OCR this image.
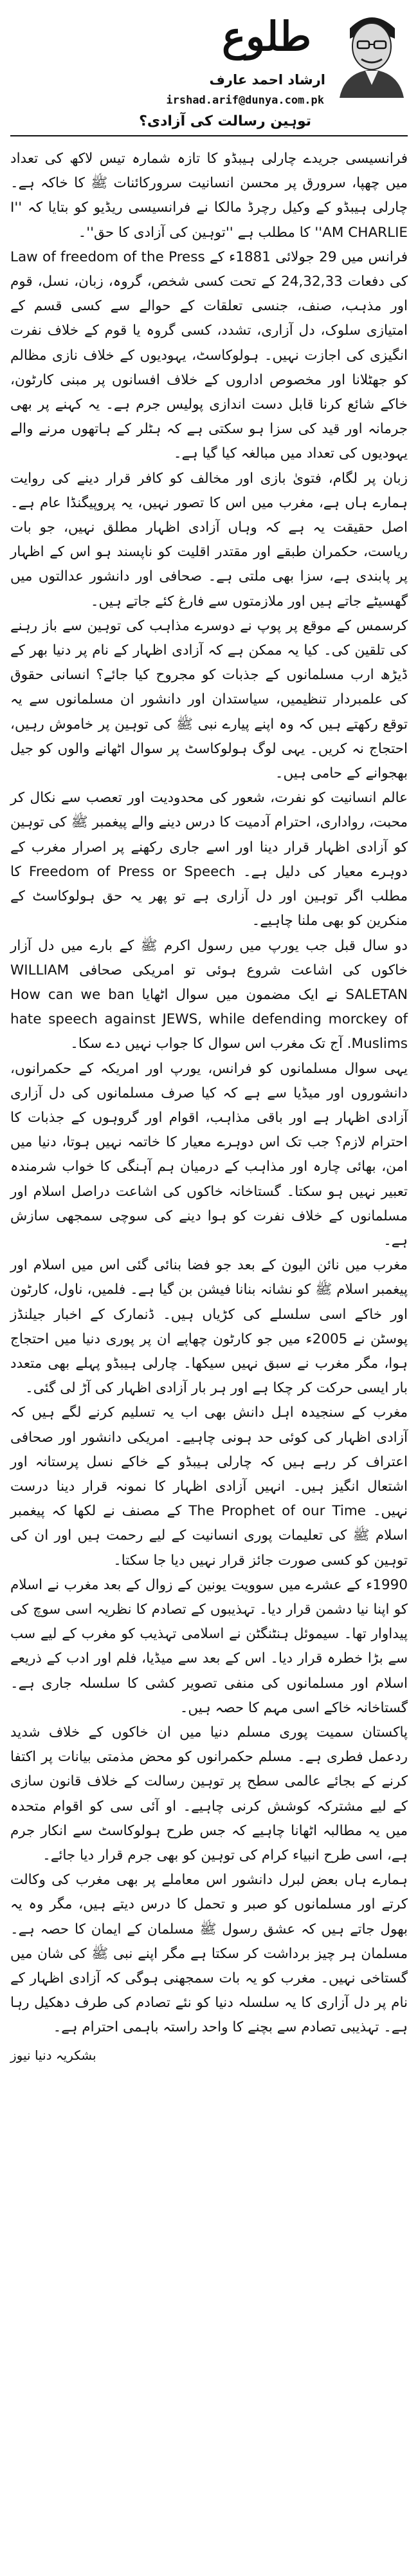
طلوع
ارشاد احمد عارف
irshad.arif@dunya.com.pk
توہین رسالت کی آزادی؟

فرانسیسی جریدے چارلی ہیبڈو کا تازہ شمارہ تیس لاکھ کی تعداد میں چھپا، سرورق پر محسن انسانیت سرورکائنات ﷺ کا خاکہ ہے۔ چارلی ہیبڈو کے وکیل رچرڈ مالکا نے فرانسیسی ریڈیو کو بتایا کہ ''I AM CHARLIE'' کا مطلب ہے ''توہین کی آزادی کا حق''۔

فرانس میں 29 جولائی 1881ء کے Law of freedom of the Press کی دفعات 24,32,33 کے تحت کسی شخص، گروہ، زبان، نسل، قوم اور مذہب، صنف، جنسی تعلقات کے حوالے سے کسی قسم کے امتیازی سلوک، دل آزاری، تشدد، کسی گروہ یا قوم کے خلاف نفرت انگیزی کی اجازت نہیں۔ ہولوکاسٹ، یہودیوں کے خلاف نازی مظالم کو جھٹلانا اور مخصوص اداروں کے خلاف افسانوں پر مبنی کارٹون، خاکے شائع کرنا قابل دست اندازی پولیس جرم ہے۔ یہ کہنے پر بھی جرمانہ اور قید کی سزا ہو سکتی ہے کہ ہٹلر کے ہاتھوں مرنے والے یہودیوں کی تعداد میں مبالغہ کیا گیا ہے۔

زبان پر لگام، فتویٰ بازی اور مخالف کو کافر قرار دینے کی روایت ہمارے ہاں ہے، مغرب میں اس کا تصور نہیں، یہ پروپیگنڈا عام ہے۔ اصل حقیقت یہ ہے کہ وہاں آزادی اظہار مطلق نہیں، جو بات ریاست، حکمران طبقے اور مقتدر اقلیت کو ناپسند ہو اس کے اظہار پر پابندی ہے، سزا بھی ملتی ہے۔ صحافی اور دانشور عدالتوں میں گھسیٹے جاتے ہیں اور ملازمتوں سے فارغ کئے جاتے ہیں۔

کرسمس کے موقع پر پوپ نے دوسرے مذاہب کی توہین سے باز رہنے کی تلقین کی۔ کیا یہ ممکن ہے کہ آزادی اظہار کے نام پر دنیا بھر کے ڈیڑھ ارب مسلمانوں کے جذبات کو مجروح کیا جائے؟ انسانی حقوق کی علمبردار تنظیمیں، سیاستدان اور دانشور ان مسلمانوں سے یہ توقع رکھتے ہیں کہ وہ اپنے پیارے نبی ﷺ کی توہین پر خاموش رہیں، احتجاج نہ کریں۔ یہی لوگ ہولوکاسٹ پر سوال اٹھانے والوں کو جیل بھجوانے کے حامی ہیں۔

عالم انسانیت کو نفرت، شعور کی محدودیت اور تعصب سے نکال کر محبت، رواداری، احترام آدمیت کا درس دینے والے پیغمبر ﷺ کی توہین کو آزادی اظہار قرار دینا اور اسے جاری رکھنے پر اصرار مغرب کے دوہرے معیار کی دلیل ہے۔ Freedom of Press or Speech کا مطلب اگر توہین اور دل آزاری ہے تو پھر یہ حق ہولوکاسٹ کے منکرین کو بھی ملنا چاہیے۔

دو سال قبل جب یورپ میں رسول اکرم ﷺ کے بارے میں دل آزار خاکوں کی اشاعت شروع ہوئی تو امریکی صحافی WILLIAM SALETAN نے ایک مضمون میں سوال اٹھایا How can we ban hate speech against JEWS, while defending morckey of Muslims. آج تک مغرب اس سوال کا جواب نہیں دے سکا۔

یہی سوال مسلمانوں کو فرانس، یورپ اور امریکہ کے حکمرانوں، دانشوروں اور میڈیا سے ہے کہ کیا صرف مسلمانوں کی دل آزاری آزادی اظہار ہے اور باقی مذاہب، اقوام اور گروہوں کے جذبات کا احترام لازم؟ جب تک اس دوہرے معیار کا خاتمہ نہیں ہوتا، دنیا میں امن، بھائی چارہ اور مذاہب کے درمیان ہم آہنگی کا خواب شرمندہ تعبیر نہیں ہو سکتا۔ گستاخانہ خاکوں کی اشاعت دراصل اسلام اور مسلمانوں کے خلاف نفرت کو ہوا دینے کی سوچی سمجھی سازش ہے۔

مغرب میں نائن الیون کے بعد جو فضا بنائی گئی اس میں اسلام اور پیغمبر اسلام ﷺ کو نشانہ بنانا فیشن بن گیا ہے۔ فلمیں، ناول، کارٹون اور خاکے اسی سلسلے کی کڑیاں ہیں۔ ڈنمارک کے اخبار جیلنڈز پوسٹن نے 2005ء میں جو کارٹون چھاپے ان پر پوری دنیا میں احتجاج ہوا، مگر مغرب نے سبق نہیں سیکھا۔ چارلی ہیبڈو پہلے بھی متعدد بار ایسی حرکت کر چکا ہے اور ہر بار آزادی اظہار کی آڑ لی گئی۔

مغرب کے سنجیدہ اہل دانش بھی اب یہ تسلیم کرنے لگے ہیں کہ آزادی اظہار کی کوئی حد ہونی چاہیے۔ امریکی دانشور اور صحافی اعتراف کر رہے ہیں کہ چارلی ہیبڈو کے خاکے نسل پرستانہ اور اشتعال انگیز ہیں۔ انہیں آزادی اظہار کا نمونہ قرار دینا درست نہیں۔ The Prophet of our Time کے مصنف نے لکھا کہ پیغمبر اسلام ﷺ کی تعلیمات پوری انسانیت کے لیے رحمت ہیں اور ان کی توہین کو کسی صورت جائز قرار نہیں دیا جا سکتا۔

1990ء کے عشرے میں سوویت یونین کے زوال کے بعد مغرب نے اسلام کو اپنا نیا دشمن قرار دیا۔ تہذیبوں کے تصادم کا نظریہ اسی سوچ کی پیداوار تھا۔ سیموئل ہنٹنگٹن نے اسلامی تہذیب کو مغرب کے لیے سب سے بڑا خطرہ قرار دیا۔ اس کے بعد سے میڈیا، فلم اور ادب کے ذریعے اسلام اور مسلمانوں کی منفی تصویر کشی کا سلسلہ جاری ہے۔ گستاخانہ خاکے اسی مہم کا حصہ ہیں۔

پاکستان سمیت پوری مسلم دنیا میں ان خاکوں کے خلاف شدید ردعمل فطری ہے۔ مسلم حکمرانوں کو محض مذمتی بیانات پر اکتفا کرنے کے بجائے عالمی سطح پر توہین رسالت کے خلاف قانون سازی کے لیے مشترکہ کوشش کرنی چاہیے۔ او آئی سی کو اقوام متحدہ میں یہ مطالبہ اٹھانا چاہیے کہ جس طرح ہولوکاسٹ سے انکار جرم ہے، اسی طرح انبیاء کرام کی توہین کو بھی جرم قرار دیا جائے۔

ہمارے ہاں بعض لبرل دانشور اس معاملے پر بھی مغرب کی وکالت کرتے اور مسلمانوں کو صبر و تحمل کا درس دیتے ہیں، مگر وہ یہ بھول جاتے ہیں کہ عشق رسول ﷺ مسلمان کے ایمان کا حصہ ہے۔ مسلمان ہر چیز برداشت کر سکتا ہے مگر اپنے نبی ﷺ کی شان میں گستاخی نہیں۔ مغرب کو یہ بات سمجھنی ہوگی کہ آزادی اظہار کے نام پر دل آزاری کا یہ سلسلہ دنیا کو نئے تصادم کی طرف دھکیل رہا ہے۔ تہذیبی تصادم سے بچنے کا واحد راستہ باہمی احترام ہے۔

بشکریہ دنیا نیوز
